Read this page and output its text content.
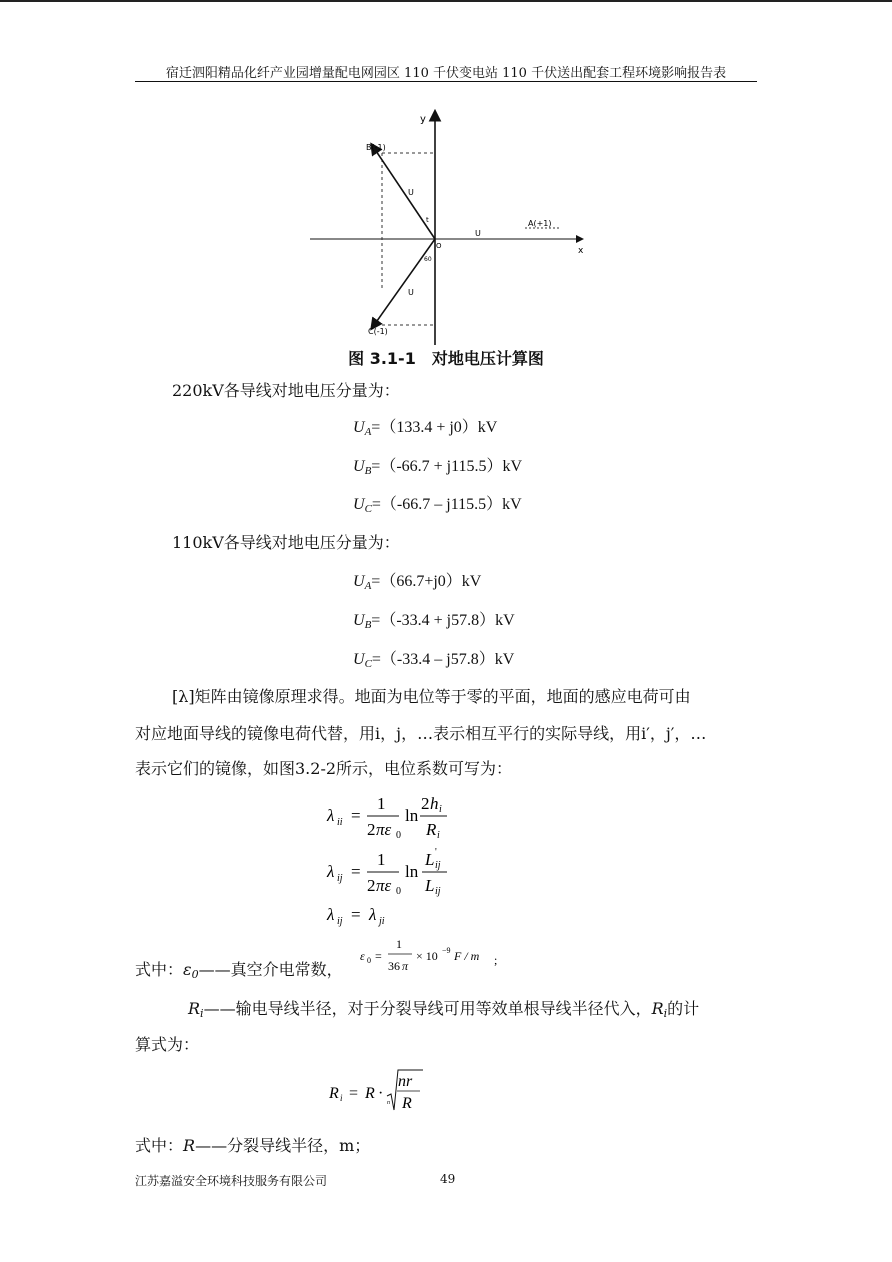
宿迁泗阳精品化纤产业园增量配电网园区 110 千伏变电站 110 千伏送出配套工程环境影响报告表
y
x
B(-1)
C(-1)
A(+1)
O
U
U
U
t
60
图 3.1-1　对地电压计算图
220kV各导线对地电压分量为：
$U_A=(133.4 + j0)kV$
$U_B=(-66.7 + j115.5)kV$
$U_C=(-66.7 - j115.5)kV$
110kV各导线对地电压分量为：
$U_A=(66.7+j0)kV$
$U_B=(-33.4 + j57.8)kV$
$U_C=(-33.4 - j57.8)kV$
[λ]矩阵由镜像原理求得。地面为电位等于零的平面，地面的感应电荷可由
对应地面导线的镜像电荷代替，用i，j，…表示相互平行的实际导线，用i′，j′，…
表示它们的镜像，如图3.2-2所示，电位系数可写为：
λ ii =
1
2 πε 0
ln
2 h i
R i
λ ij =
1
2 πε 0
ln
L ij
'
L ij
λ ij = λ ji
式中：$\varepsilon_0——$真空介电常数，
ε 0 =
1
36 π
× 10 −9 F / m ;
$R_i——$输电导线半径，对于分裂导线可用等效单根导线半径代入，$R_i$的计
算式为：
R i = R ·
n
nr
R
式中：R——分裂导线半径，m；
江苏嘉溢安全环境科技服务有限公司	49
